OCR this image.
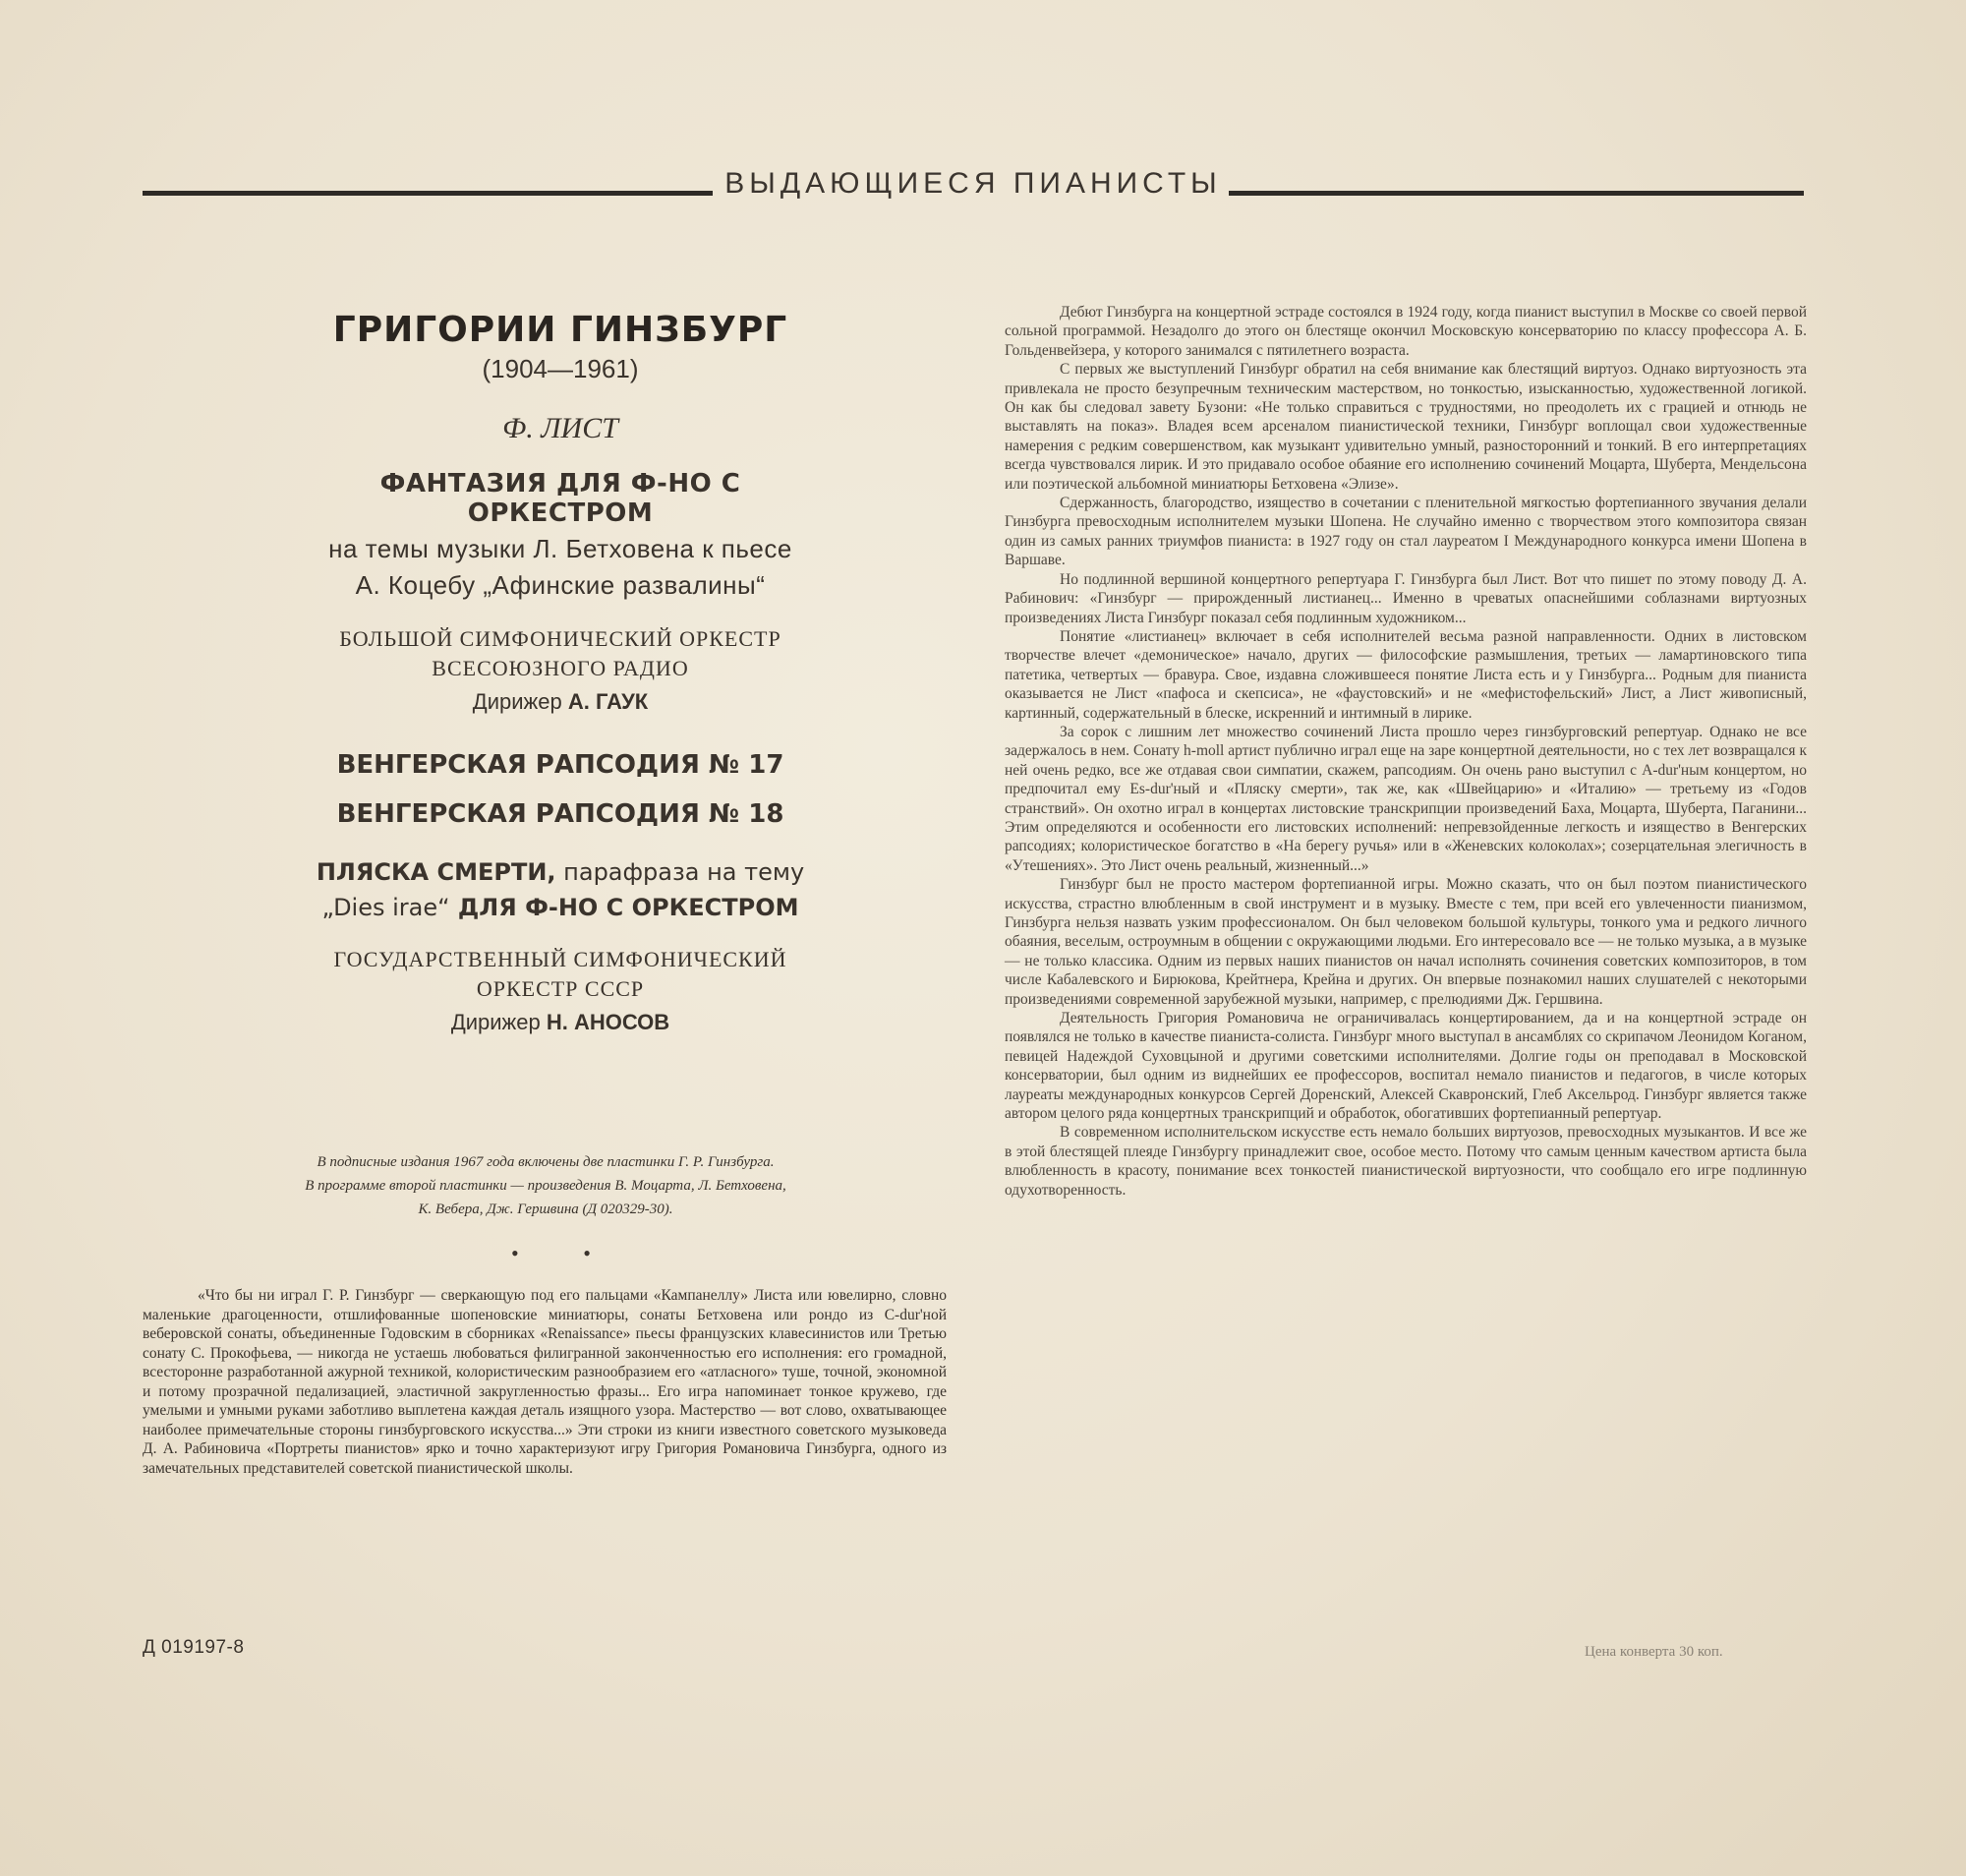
ВЫДАЮЩИЕСЯ ПИАНИСТЫ
ГРИГОРИИ ГИНЗБУРГ
(1904—1961)
Ф. ЛИСТ
ФАНТАЗИЯ ДЛЯ Ф-НО С ОРКЕСТРОМ
на темы музыки Л. Бетховена к пьесе
А. Коцебу „Афинские развалины“
БОЛЬШОЙ СИМФОНИЧЕСКИЙ ОРКЕСТР
ВСЕСОЮЗНОГО РАДИО
Дирижер А. ГАУК
ВЕНГЕРСКАЯ РАПСОДИЯ № 17
ВЕНГЕРСКАЯ РАПСОДИЯ № 18
ПЛЯСКА СМЕРТИ, парафраза на тему
„Dies irae“ ДЛЯ Ф-НО С ОРКЕСТРОМ
ГОСУДАРСТВЕННЫЙ СИМФОНИЧЕСКИЙ
ОРКЕСТР СССР
Дирижер Н. АНОСОВ
В подписные издания 1967 года включены две пластинки Г. Р. Гинзбурга.
В программе второй пластинки — произведения В. Моцарта, Л. Бетховена,
К. Вебера, Дж. Гершвина (Д 020329-30).
• •
«Что бы ни играл Г. Р. Гинзбург — сверкающую под его пальцами «Кампанеллу» Листа или ювелирно, словно маленькие драгоценности, отшлифованные шопеновские миниатюры, сонаты Бетховена или рондо из C-dur'ной веберовской сонаты, объединенные Годовским в сборниках «Renaissance» пьесы французских клавесинистов или Третью сонату С. Прокофьева, — никогда не устаешь любоваться филигранной законченностью его исполнения: его громадной, всесторонне разработанной ажурной техникой, колористическим разнообразием его «атласного» туше, точной, экономной и потому прозрачной педализацией, эластичной закругленностью фразы... Его игра напоминает тонкое кружево, где умелыми и умными руками заботливо выплетена каждая деталь изящного узора. Мастерство — вот слово, охватывающее наиболее примечательные стороны гинзбурговского искусства...» Эти строки из книги известного советского музыковеда Д. А. Рабиновича «Портреты пианистов» ярко и точно характеризуют игру Григория Романовича Гинзбурга, одного из замечательных представителей советской пианистической школы.

Дебют Гинзбурга на концертной эстраде состоялся в 1924 году, когда пианист выступил в Москве со своей первой сольной программой. Незадолго до этого он блестяще окончил Московскую консерваторию по классу профессора А. Б. Гольденвейзера, у которого занимался с пятилетнего возраста.

С первых же выступлений Гинзбург обратил на себя внимание как блестящий виртуоз. Однако виртуозность эта привлекала не просто безупречным техническим мастерством, но тонкостью, изысканностью, художественной логикой. Он как бы следовал завету Бузони: «Не только справиться с трудностями, но преодолеть их с грацией и отнюдь не выставлять на показ». Владея всем арсеналом пианистической техники, Гинзбург воплощал свои художественные намерения с редким совершенством, как музыкант удивительно умный, разносторонний и тонкий. В его интерпретациях всегда чувствовался лирик. И это придавало особое обаяние его исполнению сочинений Моцарта, Шуберта, Мендельсона или поэтической альбомной миниатюры Бетховена «Элизе».

Сдержанность, благородство, изящество в сочетании с пленительной мягкостью фортепианного звучания делали Гинзбурга превосходным исполнителем музыки Шопена. Не случайно именно с творчеством этого композитора связан один из самых ранних триумфов пианиста: в 1927 году он стал лауреатом I Международного конкурса имени Шопена в Варшаве.

Но подлинной вершиной концертного репертуара Г. Гинзбурга был Лист. Вот что пишет по этому поводу Д. А. Рабинович: «Гинзбург — прирожденный листианец... Именно в чреватых опаснейшими соблазнами виртуозных произведениях Листа Гинзбург показал себя подлинным художником...

Понятие «листианец» включает в себя исполнителей весьма разной направленности. Одних в листовском творчестве влечет «демоническое» начало, других — философские размышления, третьих — ламартиновского типа патетика, четвертых — бравура. Свое, издавна сложившееся понятие Листа есть и у Гинзбурга... Родным для пианиста оказывается не Лист «пафоса и скепсиса», не «фаустовский» и не «мефистофельский» Лист, а Лист живописный, картинный, содержательный в блеске, искренний и интимный в лирике.

За сорок с лишним лет множество сочинений Листа прошло через гинзбурговский репертуар. Однако не все задержалось в нем. Сонату h-moll артист публично играл еще на заре концертной деятельности, но с тех лет возвращался к ней очень редко, все же отдавая свои симпатии, скажем, рапсодиям. Он очень рано выступил с A-dur'ным концертом, но предпочитал ему Es-dur'ный и «Пляску смерти», так же, как «Швейцарию» и «Италию» — третьему из «Годов странствий». Он охотно играл в концертах листовские транскрипции произведений Баха, Моцарта, Шуберта, Паганини... Этим определяются и особенности его листовских исполнений: непревзойденные легкость и изящество в Венгерских рапсодиях; колористическое богатство в «На берегу ручья» или в «Женевских колоколах»; созерцательная элегичность в «Утешениях». Это Лист очень реальный, жизненный...»

Гинзбург был не просто мастером фортепианной игры. Можно сказать, что он был поэтом пианистического искусства, страстно влюбленным в свой инструмент и в музыку. Вместе с тем, при всей его увлеченности пианизмом, Гинзбурга нельзя назвать узким профессионалом. Он был человеком большой культуры, тонкого ума и редкого личного обаяния, веселым, остроумным в общении с окружающими людьми. Его интересовало все — не только музыка, а в музыке — не только классика. Одним из первых наших пианистов он начал исполнять сочинения советских композиторов, в том числе Кабалевского и Бирюкова, Крейтнера, Крейна и других. Он впервые познакомил наших слушателей с некоторыми произведениями современной зарубежной музыки, например, с прелюдиями Дж. Гершвина.

Деятельность Григория Романовича не ограничивалась концертированием, да и на концертной эстраде он появлялся не только в качестве пианиста-солиста. Гинзбург много выступал в ансамблях со скрипачом Леонидом Коганом, певицей Надеждой Суховцыной и другими советскими исполнителями. Долгие годы он преподавал в Московской консерватории, был одним из виднейших ее профессоров, воспитал немало пианистов и педагогов, в числе которых лауреаты международных конкурсов Сергей Доренский, Алексей Скавронский, Глеб Аксельрод. Гинзбург является также автором целого ряда концертных транскрипций и обработок, обогативших фортепианный репертуар.

В современном исполнительском искусстве есть немало больших виртуозов, превосходных музыкантов. И все же в этой блестящей плеяде Гинзбургу принадлежит свое, особое место. Потому что самым ценным качеством артиста была влюбленность в красоту, понимание всех тонкостей пианистической виртуозности, что сообщало его игре подлинную одухотворенность.

Д 019197-8	Цена конверта 30 коп.
